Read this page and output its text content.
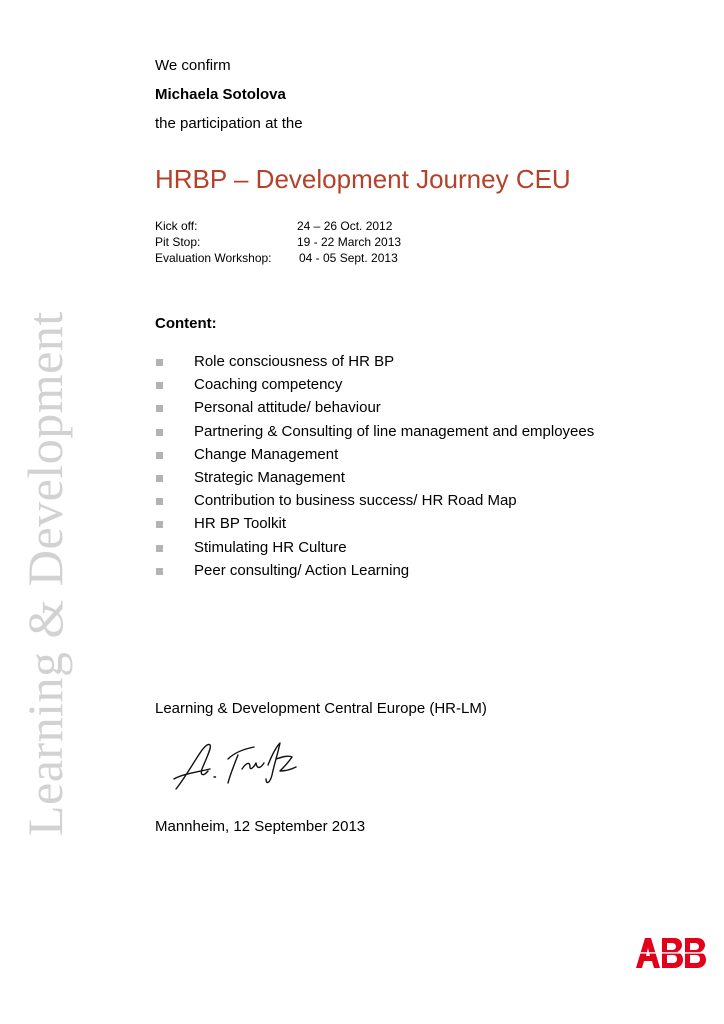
Learning & Development
We confirm
Michaela Sotolova
the participation at the
HRBP – Development Journey CEU
Kick off:	24 – 26 Oct. 2012
Pit Stop:	19 - 22 March 2013
Evaluation Workshop: 04 - 05 Sept. 2013
Content:
Role consciousness of HR BP
Coaching competency
Personal attitude/ behaviour
Partnering & Consulting of line management and employees
Change Management
Strategic Management
Contribution to business success/ HR Road Map
HR BP Toolkit
Stimulating HR Culture
Peer consulting/ Action Learning
Learning & Development Central Europe (HR-LM)
Mannheim, 12 September 2013
